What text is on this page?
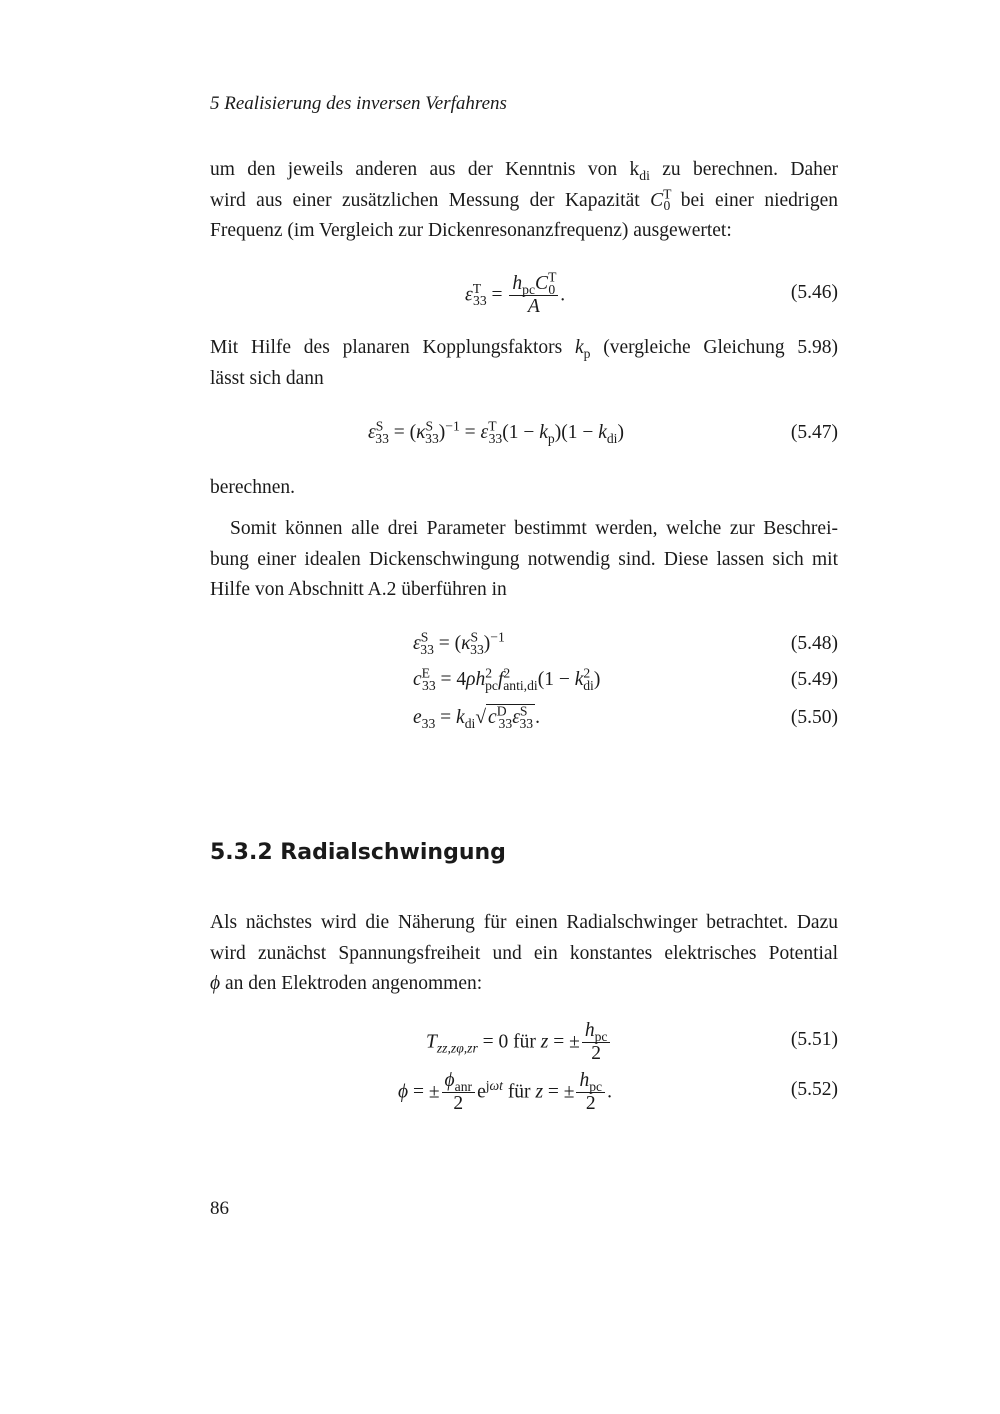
5 Realisierung des inversen Verfahrens
um den jeweils anderen aus der Kenntnis von $k_{di}$ zu berechnen. Daher
wird aus einer zusätzlichen Messung der Kapazität $C^T_0$ bei einer niedrigen
Frequenz (im Vergleich zur Dickenresonanzfrequenz) ausgewertet:
$\varepsilon^T_{33} = \frac{h_{pc}C^T_0}{A}$ .	(5.46)
Mit Hilfe des planaren Kopplungsfaktors $k_p$ (vergleiche Gleichung 5.98)
lässt sich dann
$\varepsilon^S_{33} = (\kappa^S_{33})^{-1} = \varepsilon^T_{33}(1 - k_p)(1 - k_{di})$	(5.47)
berechnen.
Somit können alle drei Parameter bestimmt werden, welche zur Beschrei-
bung einer idealen Dickenschwingung notwendig sind. Diese lassen sich mit
Hilfe von Abschnitt A.2 überführen in
$\varepsilon^S_{33} = (\kappa^S_{33})^{-1}$	(5.48)
$c^E_{33} = 4\rho h^2_{pc}f^2_{anti,di}(1 - k^2_{di})$	(5.49)
$e_{33} = k_{di}√$ $c^D_{33}\varepsilon^S_{33}$ .	(5.50)
5.3.2 Radialschwingung
Als nächstes wird die Näherung für einen Radialschwinger betrachtet. Dazu
wird zunächst Spannungsfreiheit und ein konstantes elektrisches Potential
ϕ an den Elektroden angenommen:
$T_{zz,z\varphi,zr} = 0$ für z = ± $\frac{h_{pc}}{2}$	(5.51)
ϕ = ± $\frac{\phi_{anr}}{2} e^{j\omega t}$ für z = ± $\frac{h_{pc}}{2}$ .	(5.52)
86
